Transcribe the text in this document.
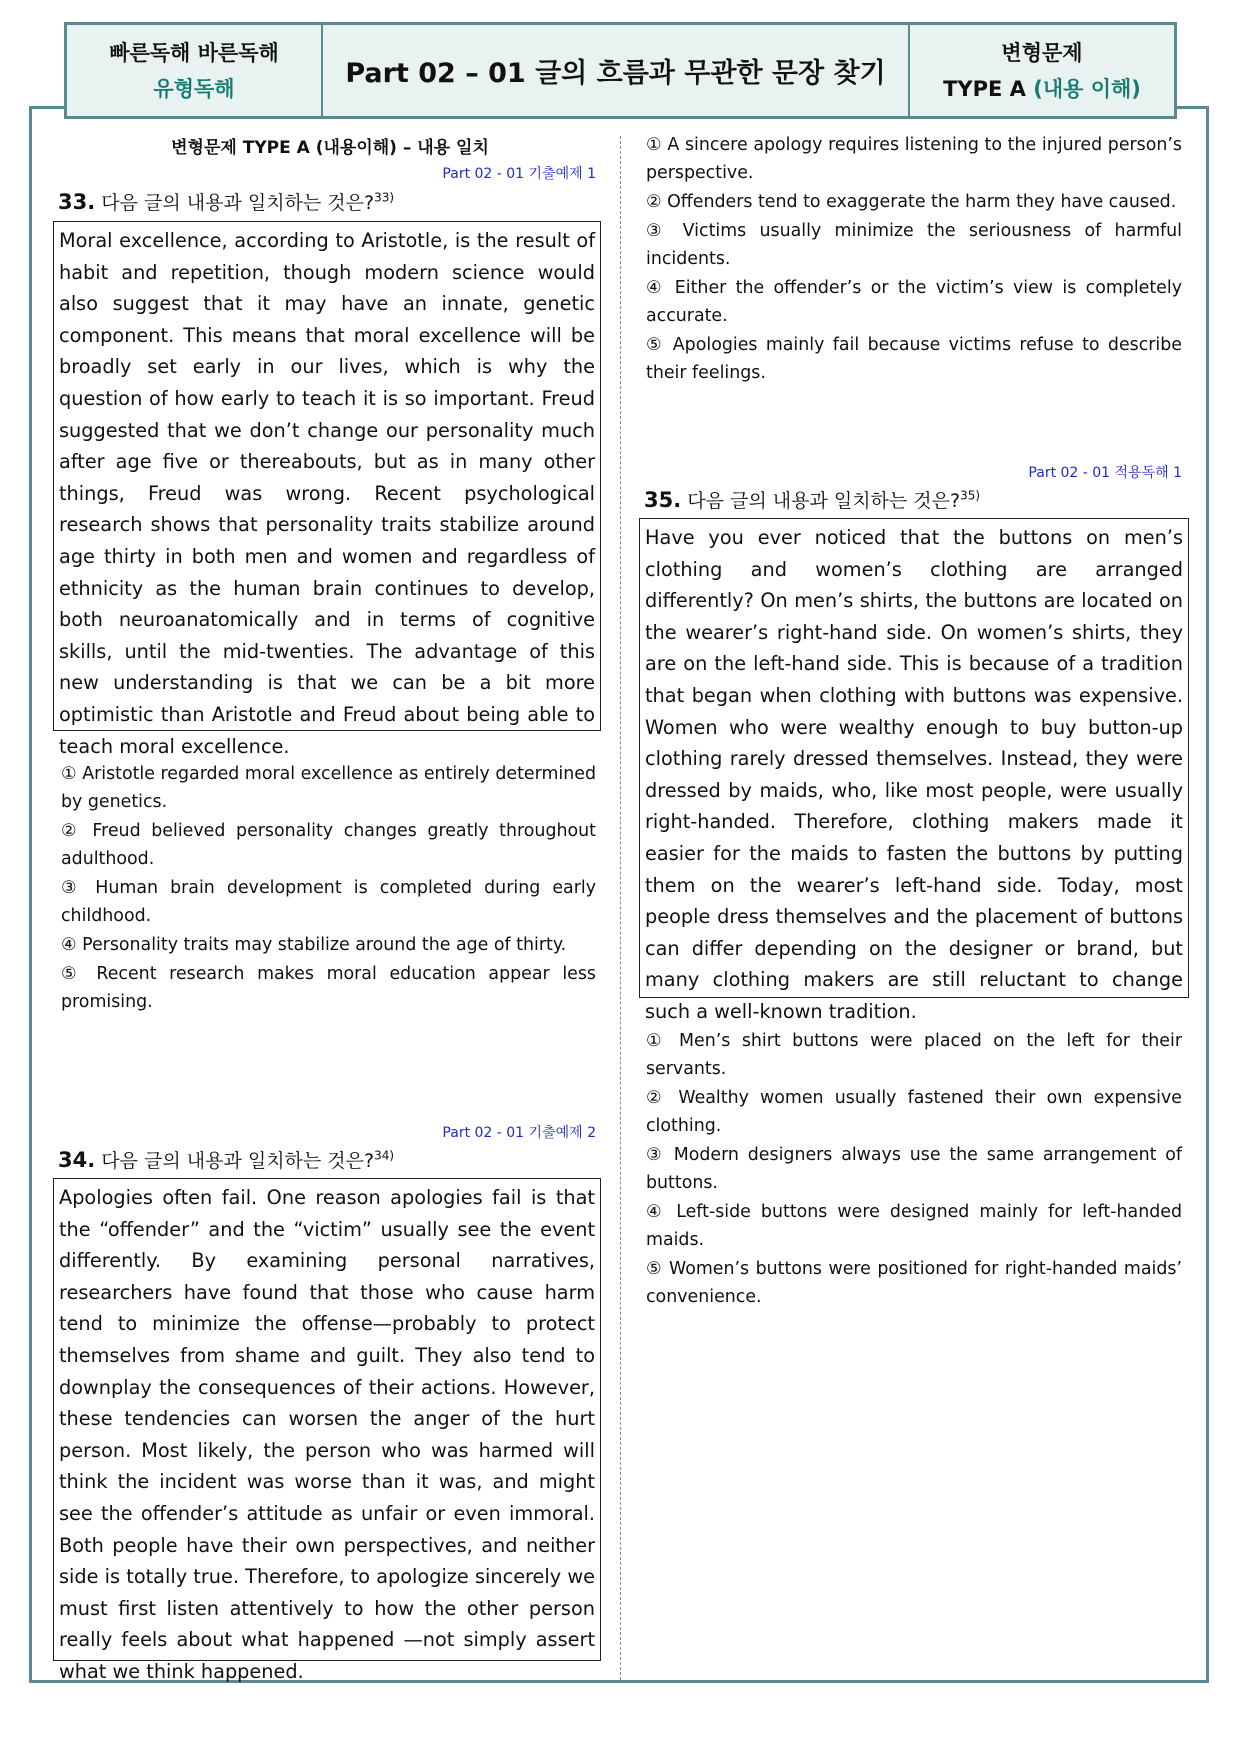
빠른독해 바른독해
유형독해	Part 02 – 01 글의 흐름과 무관한 문장 찾기
변형문제
TYPE A (내용 이해)
변형문제 TYPE A (내용이해) – 내용 일치
Part 02 - 01 기출예제 1
33. 다음 글의 내용과 일치하는 것은?$^{33)}$
Moral excellence, according to Aristotle, is the result of habit and repetition, though modern science would also suggest that it may have an innate, genetic component. This means that moral excellence will be broadly set early in our lives, which is why the question of how early to teach it is so important. Freud suggested that we don’t change our personality much after age five or thereabouts, but as in many other things, Freud was wrong. Recent psychological research shows that personality traits stabilize around age thirty in both men and women and regardless of ethnicity as the human brain continues to develop, both neuroanatomically and in terms of cognitive skills, until the mid-twenties. The advantage of this new understanding is that we can be a bit more optimistic than Aristotle and Freud about being able to teach moral excellence.
① Aristotle regarded moral excellence as entirely determined by genetics.
② Freud believed personality changes greatly throughout adulthood.
③ Human brain development is completed during early childhood.
④ Personality traits may stabilize around the age of thirty.
⑤ Recent research makes moral education appear less promising.
Part 02 - 01 기출예제 2
34. 다음 글의 내용과 일치하는 것은?$^{34)}$
Apologies often fail. One reason apologies fail is that the “offender” and the “victim” usually see the event differently. By examining personal narratives, researchers have found that those who cause harm tend to minimize the offense—probably to protect themselves from shame and guilt. They also tend to downplay the consequences of their actions. However, these tendencies can worsen the anger of the hurt person. Most likely, the person who was harmed will think the incident was worse than it was, and might see the offender’s attitude as unfair or even immoral. Both people have their own perspectives, and neither side is totally true. Therefore, to apologize sincerely we must first listen attentively to how the other person really feels about what happened —not simply assert what we think happened.
① A sincere apology requires listening to the injured person’s perspective.
② Offenders tend to exaggerate the harm they have caused.
③ Victims usually minimize the seriousness of harmful incidents.
④ Either the offender’s or the victim’s view is completely accurate.
⑤ Apologies mainly fail because victims refuse to describe their feelings.
Part 02 - 01 적용독해 1
35. 다음 글의 내용과 일치하는 것은?$^{35)}$
Have you ever noticed that the buttons on men’s clothing and women’s clothing are arranged differently? On men’s shirts, the buttons are located on the wearer’s right-hand side. On women’s shirts, they are on the left-hand side. This is because of a tradition that began when clothing with buttons was expensive. Women who were wealthy enough to buy button-up clothing rarely dressed themselves. Instead, they were dressed by maids, who, like most people, were usually right-handed. Therefore, clothing makers made it easier for the maids to fasten the buttons by putting them on the wearer’s left-hand side. Today, most people dress themselves and the placement of buttons can differ depending on the designer or brand, but many clothing makers are still reluctant to change such a well-known tradition.
① Men’s shirt buttons were placed on the left for their servants.
② Wealthy women usually fastened their own expensive clothing.
③ Modern designers always use the same arrangement of buttons.
④ Left-side buttons were designed mainly for left-handed maids.
⑤ Women’s buttons were positioned for right-handed maids’ convenience.
